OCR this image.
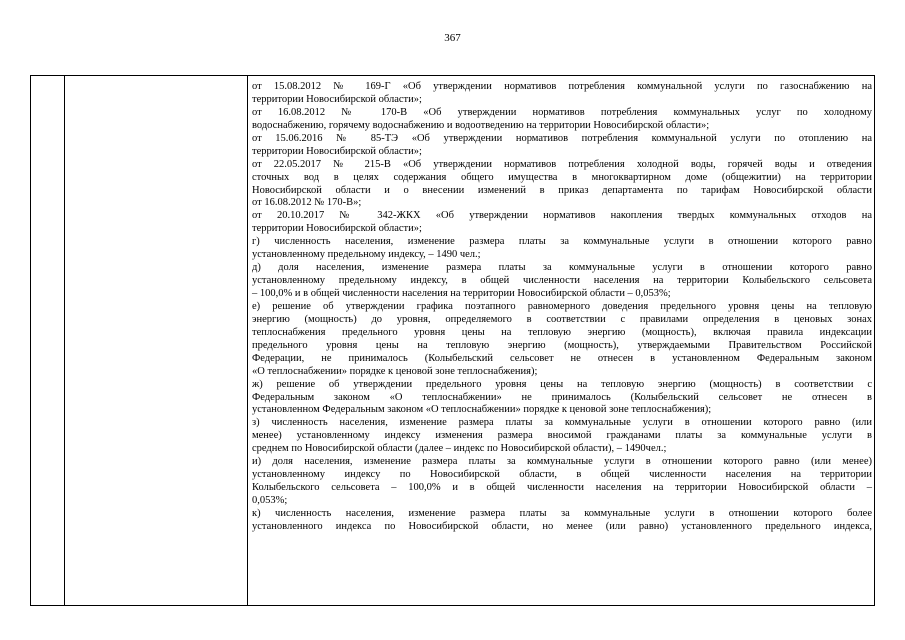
367
от 15.08.2012 № 169-Г «Об утверждении нормативов потребления коммунальной услуги по газоснабжению на
территории Новосибирской области»;
от 16.08.2012 № 170-В «Об утверждении нормативов потребления коммунальных услуг по холодному
водоснабжению, горячему водоснабжению и водоотведению на территории Новосибирской области»;
от 15.06.2016 № 85-ТЭ «Об утверждении нормативов потребления коммунальной услуги по отоплению на
территории Новосибирской области»;
от 22.05.2017 № 215-В «Об утверждении нормативов потребления холодной воды, горячей воды и отведения
сточных вод в целях содержания общего имущества в многоквартирном доме (общежитии) на территории
Новосибирской области и о внесении изменений в приказ департамента по тарифам Новосибирской области
от 16.08.2012 № 170-В»;
от 20.10.2017 № 342-ЖКХ «Об утверждении нормативов накопления твердых коммунальных отходов на
территории Новосибирской области»;
г) численность населения, изменение размера платы за коммунальные услуги в отношении которого равно
установленному предельному индексу, – 1490 чел.;
д) доля населения, изменение размера платы за коммунальные услуги в отношении которого равно
установленному предельному индексу, в общей численности населения на территории Колыбельского сельсовета
– 100,0% и в общей численности населения на территории Новосибирской области – 0,053%;
е) решение об утверждении графика поэтапного равномерного доведения предельного уровня цены на тепловую
энергию (мощность) до уровня, определяемого в соответствии с правилами определения в ценовых зонах
теплоснабжения предельного уровня цены на тепловую энергию (мощность), включая правила индексации
предельного уровня цены на тепловую энергию (мощность), утверждаемыми Правительством Российской
Федерации, не принималось (Колыбельский сельсовет не отнесен в установленном Федеральным законом
«О теплоснабжении» порядке к ценовой зоне теплоснабжения);
ж) решение об утверждении предельного уровня цены на тепловую энергию (мощность) в соответствии с
Федеральным законом «О теплоснабжении» не принималось (Колыбельский сельсовет не отнесен в
установленном Федеральным законом «О теплоснабжении» порядке к ценовой зоне теплоснабжения);
з) численность населения, изменение размера платы за коммунальные услуги в отношении которого равно (или
менее) установленному индексу изменения размера вносимой гражданами платы за коммунальные услуги в
среднем по Новосибирской области (далее – индекс по Новосибирской области), – 1490чел.;
и) доля населения, изменение размера платы за коммунальные услуги в отношении которого равно (или менее)
установленному индексу по Новосибирской области, в общей численности населения на территории
Колыбельского сельсовета – 100,0% и в общей численности населения на территории Новосибирской области –
0,053%;
к) численность населения, изменение размера платы за коммунальные услуги в отношении которого более
установленного индекса по Новосибирской области, но менее (или равно) установленного предельного индекса,
